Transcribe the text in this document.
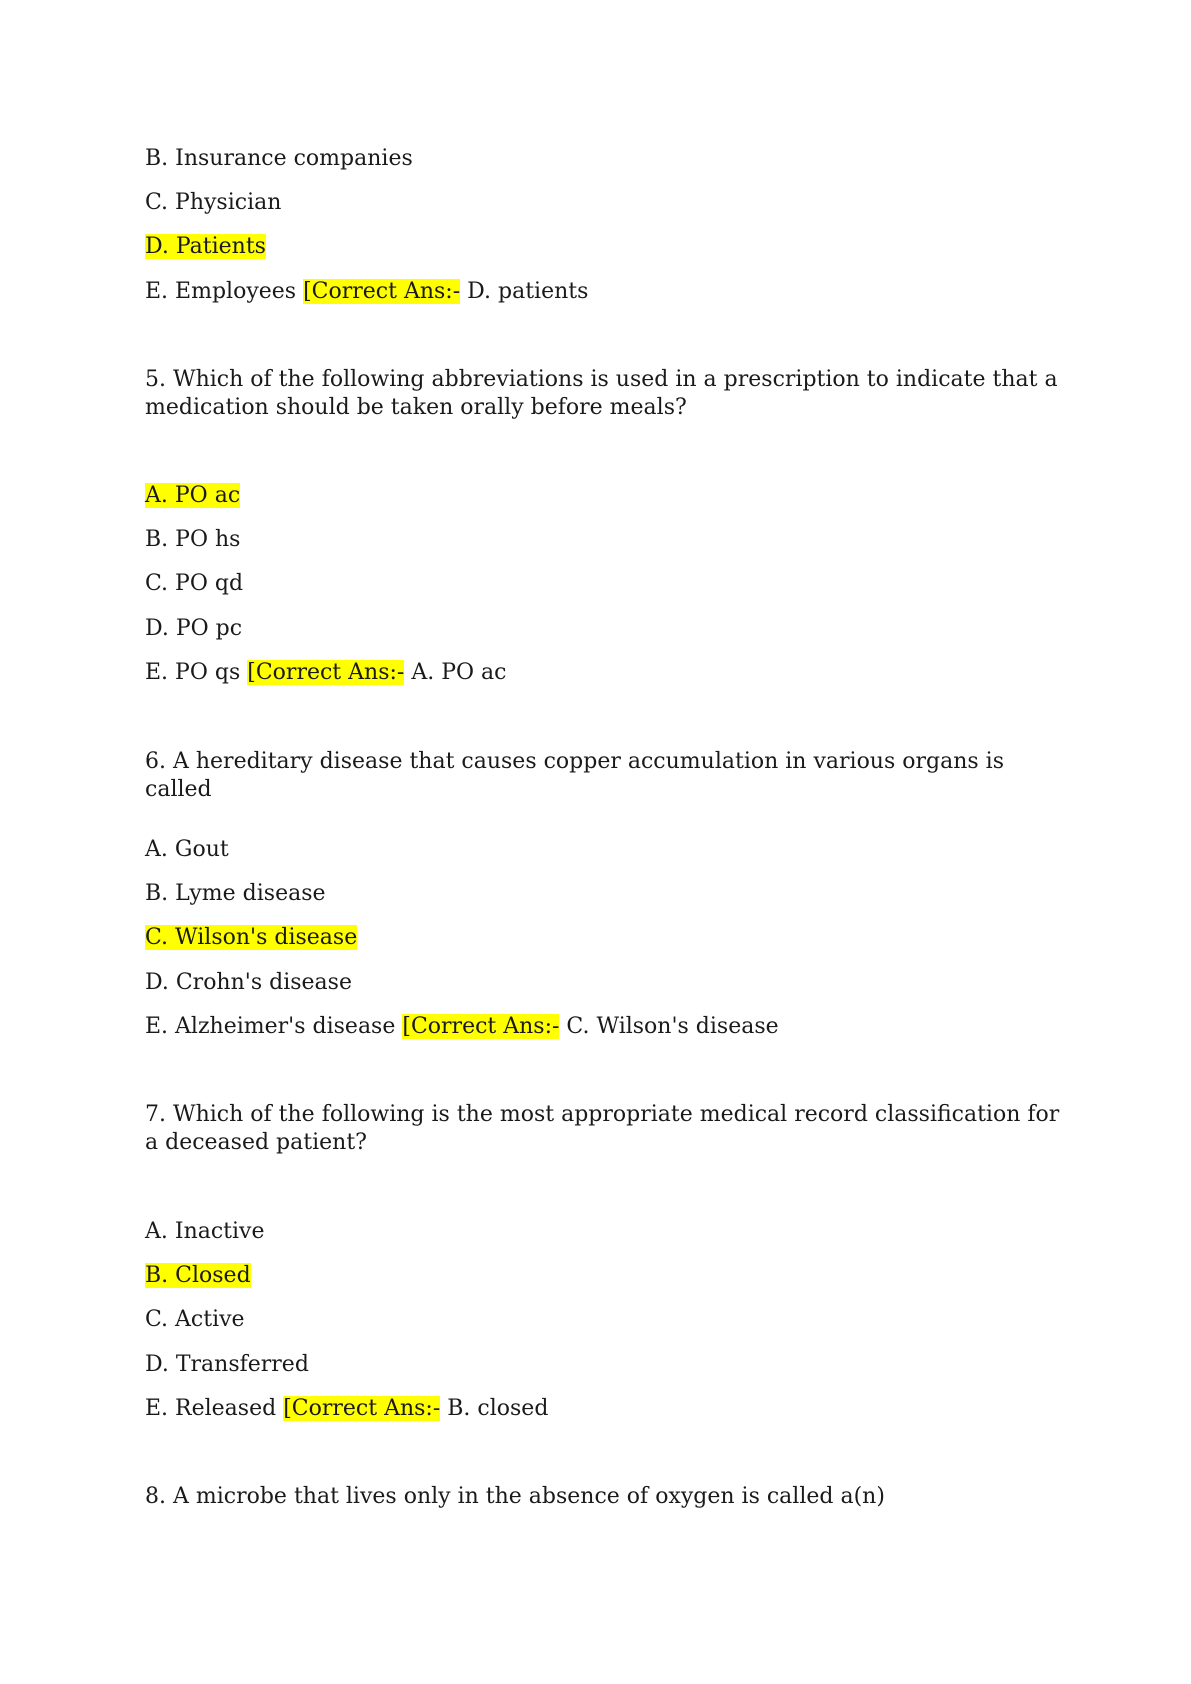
B. Insurance companies
C. Physician
D. Patients
E. Employees [Correct Ans:- D. patients
5. Which of the following abbreviations is used in a prescription to indicate that a medication should be taken orally before meals?
A. PO ac
B. PO hs
C. PO qd
D. PO pc
E. PO qs [Correct Ans:- A. PO ac
6. A hereditary disease that causes copper accumulation in various organs is called
A. Gout
B. Lyme disease
C. Wilson's disease
D. Crohn's disease
E. Alzheimer's disease [Correct Ans:- C. Wilson's disease
7. Which of the following is the most appropriate medical record classification for a deceased patient?
A. Inactive
B. Closed
C. Active
D. Transferred
E. Released [Correct Ans:- B. closed
8. A microbe that lives only in the absence of oxygen is called a(n)
